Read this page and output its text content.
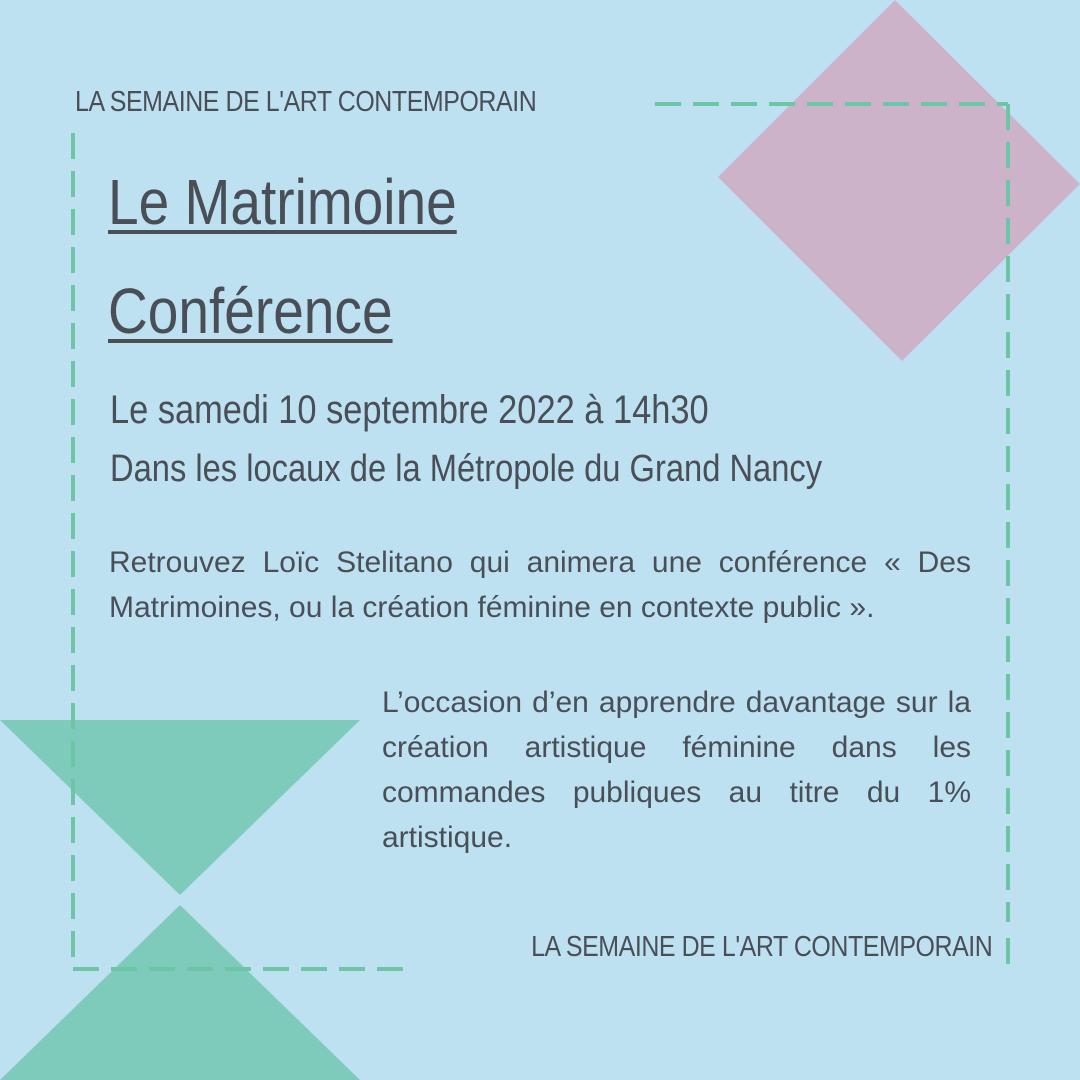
LA SEMAINE DE L'ART CONTEMPORAIN
Le Matrimoine
Conférence
Le samedi 10 septembre 2022 à 14h30
Dans les locaux de la Métropole du Grand Nancy

Retrouvez Loïc Stelitano qui animera une conférence « Des Matrimoines, ou la création féminine en contexte public ».

L’occasion d’en apprendre davantage sur la création artistique féminine dans les commandes publiques au titre du 1% artistique.

LA SEMAINE DE L'ART CONTEMPORAIN
